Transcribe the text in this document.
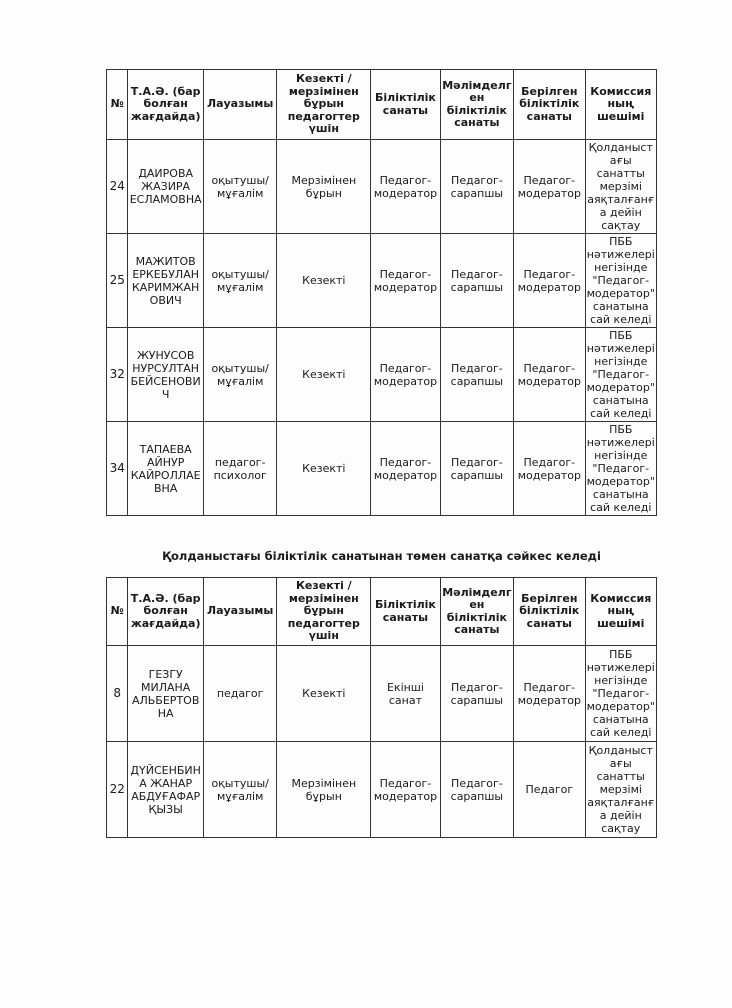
№	Т.А.Ә. (бар болған жағдайда)	Лауазымы	Кезекті / мерзімінен бұрын педагогтер үшін	Біліктілік санаты	Мәлімделген біліктілік санаты	Берілген біліктілік санаты	Комиссияның шешімі
24	ДАИРОВА ЖАЗИРА ЕСЛАМОВНА	оқытушы/мұғалім	Мерзімінен бұрын	Педагог-модератор	Педагог-сарапшы	Педагог-модератор	Қолданыстағы санатты мерзімі аяқталғанға дейін сақтау
25	МАЖИТОВ ЕРКЕБУЛАН КАРИМЖАНОВИЧ	оқытушы/мұғалім	Кезекті	Педагог-модератор	Педагог-сарапшы	Педагог-модератор	ПББ нәтижелері негізінде "Педагог-модератор" санатына сай келеді
32	ЖУНУСОВ НУРСУЛТАН БЕЙСЕНОВИЧ	оқытушы/мұғалім	Кезекті	Педагог-модератор	Педагог-сарапшы	Педагог-модератор	ПББ нәтижелері негізінде "Педагог-модератор" санатына сай келеді
34	ТАПАЕВА АЙНУР КАЙРОЛЛАЕВНА	педагог-психолог	Кезекті	Педагог-модератор	Педагог-сарапшы	Педагог-модератор	ПББ нәтижелері негізінде "Педагог-модератор" санатына сай келеді
Қолданыстағы біліктілік санатынан төмен санатқа сәйкес келеді
№	Т.А.Ә. (бар болған жағдайда)	Лауазымы	Кезекті / мерзімінен бұрын педагогтер үшін	Біліктілік санаты	Мәлімделген біліктілік санаты	Берілген біліктілік санаты	Комиссияның шешімі
8	ГЕЗГУ МИЛАНА АЛЬБЕРТОВНА	педагог	Кезекті	Екінші санат	Педагог-сарапшы	Педагог-модератор	ПББ нәтижелері негізінде "Педагог-модератор" санатына сай келеді
22	ДҮЙСЕНБИНА ЖАНАР АБДУҒАФАРҚЫЗЫ	оқытушы/мұғалім	Мерзімінен бұрын	Педагог-модератор	Педагог-сарапшы	Педагог	Қолданыстағы санатты мерзімі аяқталғанға дейін сақтау
